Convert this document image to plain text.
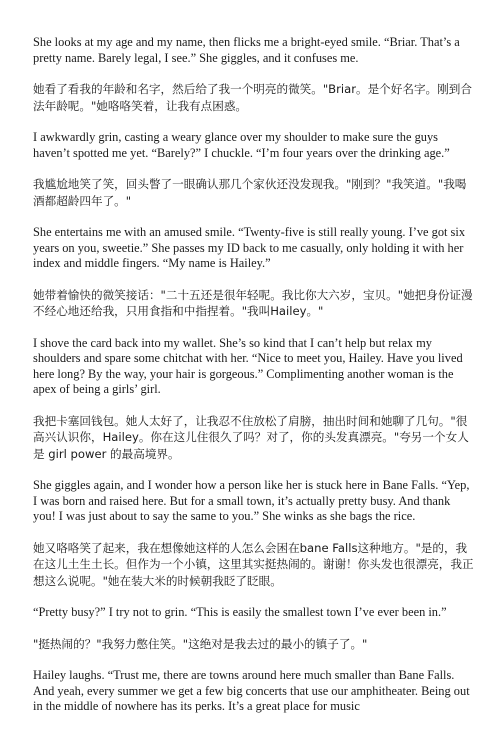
She looks at my age and my name, then flicks me a bright-eyed smile. “Briar. That’s a pretty name. Barely legal, I see.” She giggles, and it confuses me.

她看了看我的年龄和名字，然后给了我一个明亮的微笑。"Briar。是个好名字。刚到合法年龄呢。"她咯咯笑着，让我有点困惑。

I awkwardly grin, casting a weary glance over my shoulder to make sure the guys haven’t spotted me yet. “Barely?” I chuckle. “I’m four years over the drinking age.”

我尴尬地笑了笑，回头瞥了一眼确认那几个家伙还没发现我。"刚到？"我笑道。"我喝酒都超龄四年了。"

She entertains me with an amused smile. “Twenty-five is still really young. I’ve got six years on you, sweetie.” She passes my ID back to me casually, only holding it with her index and middle fingers. “My name is Hailey.”

她带着愉快的微笑接话："二十五还是很年轻呢。我比你大六岁，宝贝。"她把身份证漫不经心地还给我，只用食指和中指捏着。"我叫Hailey。"

I shove the card back into my wallet. She’s so kind that I can’t help but relax my shoulders and spare some chitchat with her. “Nice to meet you, Hailey. Have you lived here long? By the way, your hair is gorgeous.” Complimenting another woman is the apex of being a girls’ girl.

我把卡塞回钱包。她人太好了，让我忍不住放松了肩膀，抽出时间和她聊了几句。"很高兴认识你，Hailey。你在这儿住很久了吗？对了，你的头发真漂亮。"夸另一个女人是 girl power 的最高境界。

She giggles again, and I wonder how a person like her is stuck here in Bane Falls. “Yep, I was born and raised here. But for a small town, it’s actually pretty busy. And thank you! I was just about to say the same to you.” She winks as she bags the rice.

她又咯咯笑了起来，我在想像她这样的人怎么会困在bane Falls这种地方。"是的，我在这儿土生土长。但作为一个小镇，这里其实挺热闹的。谢谢！你头发也很漂亮，我正想这么说呢。"她在装大米的时候朝我眨了眨眼。

“Pretty busy?” I try not to grin. “This is easily the smallest town I’ve ever been in.”

"挺热闹的？"我努力憋住笑。"这绝对是我去过的最小的镇子了。"

Hailey laughs. “Trust me, there are towns around here much smaller than Bane Falls. And yeah, every summer we get a few big concerts that use our amphitheater. Being out in the middle of nowhere has its perks. It’s a great place for music
